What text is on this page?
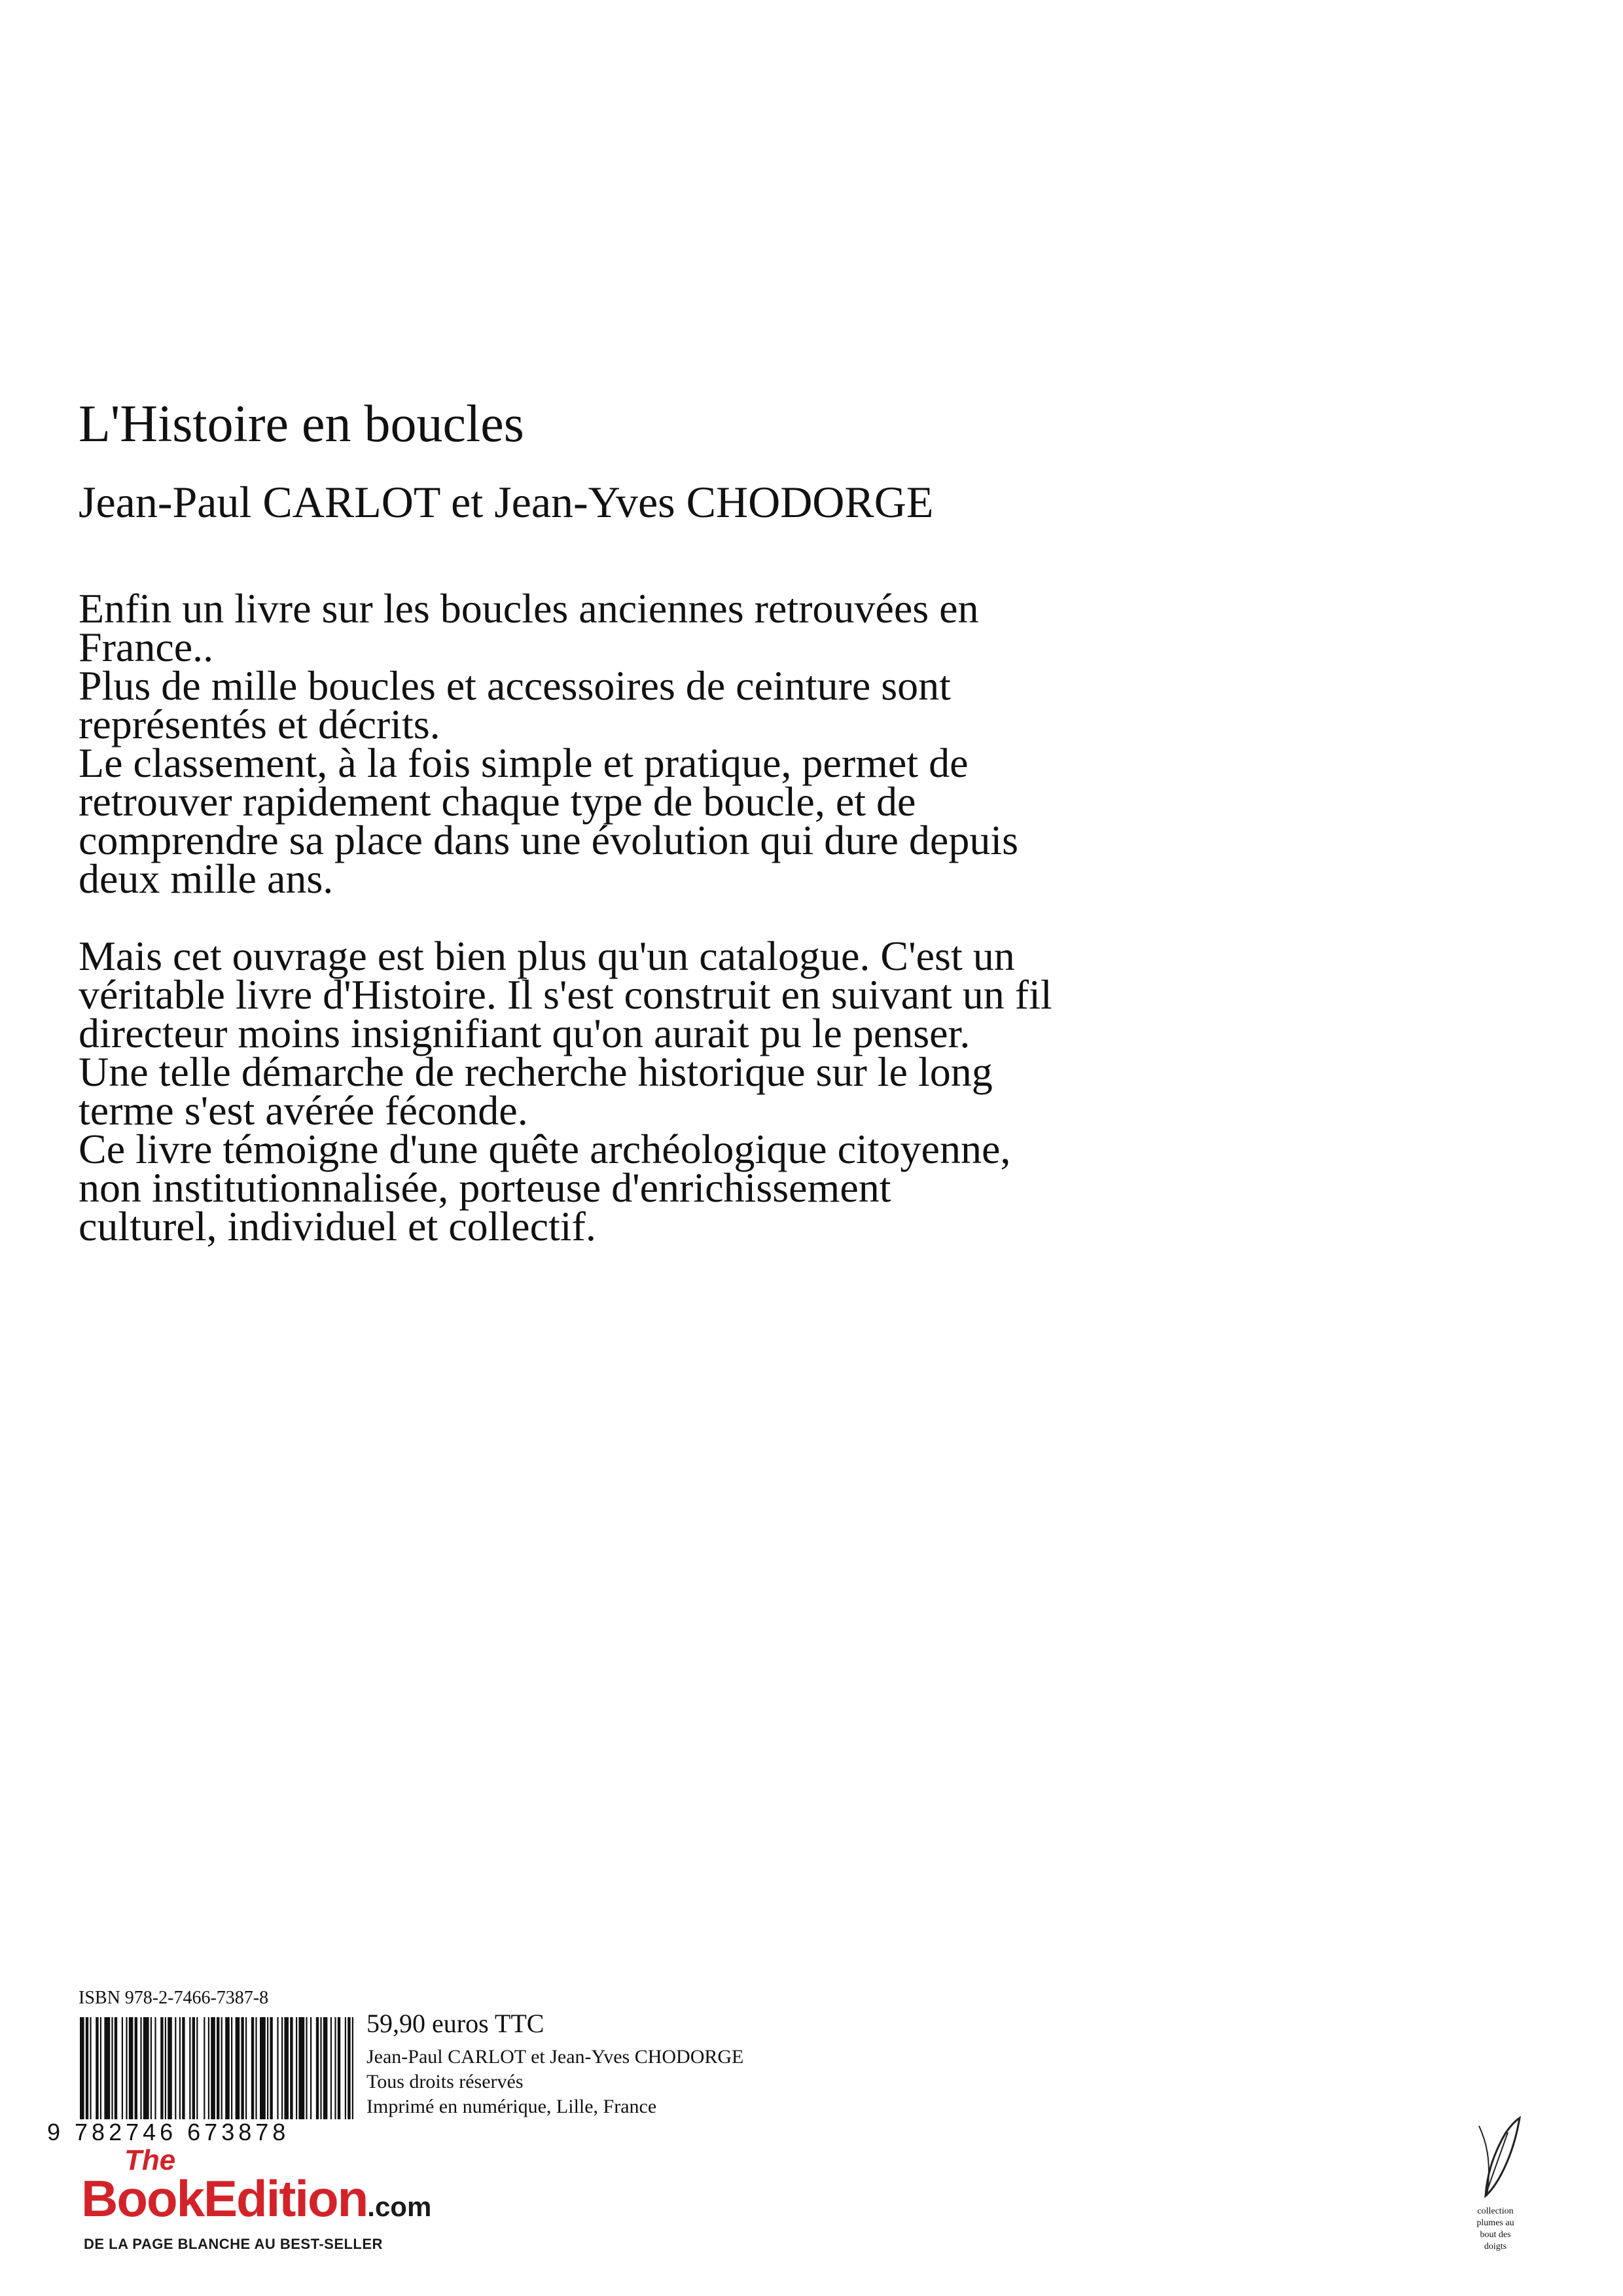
L'Histoire en boucles
Jean-Paul CARLOT et Jean-Yves CHODORGE
Enfin un livre sur les boucles anciennes retrouvées en
France..
Plus de mille boucles et accessoires de ceinture sont
représentés et décrits.
Le classement, à la fois simple et pratique, permet de
retrouver rapidement chaque type de boucle, et de
comprendre sa place dans une évolution qui dure depuis
deux mille ans.
Mais cet ouvrage est bien plus qu'un catalogue. C'est un
véritable livre d'Histoire. Il s'est construit en suivant un fil
directeur moins insignifiant qu'on aurait pu le penser.
Une telle démarche de recherche historique sur le long
terme s'est avérée féconde.
Ce livre témoigne d'une quête archéologique citoyenne,
non institutionnalisée, porteuse d'enrichissement
culturel, individuel et collectif.
ISBN 978-2-7466-7387-8
9 782746 673878
59,90 euros TTC
Jean-Paul CARLOT et Jean-Yves CHODORGE
Tous droits réservés
Imprimé en numérique, Lille, France
The
BookEdition.com
DE LA PAGE BLANCHE AU BEST-SELLER
collection
plumes au
bout des
doigts
